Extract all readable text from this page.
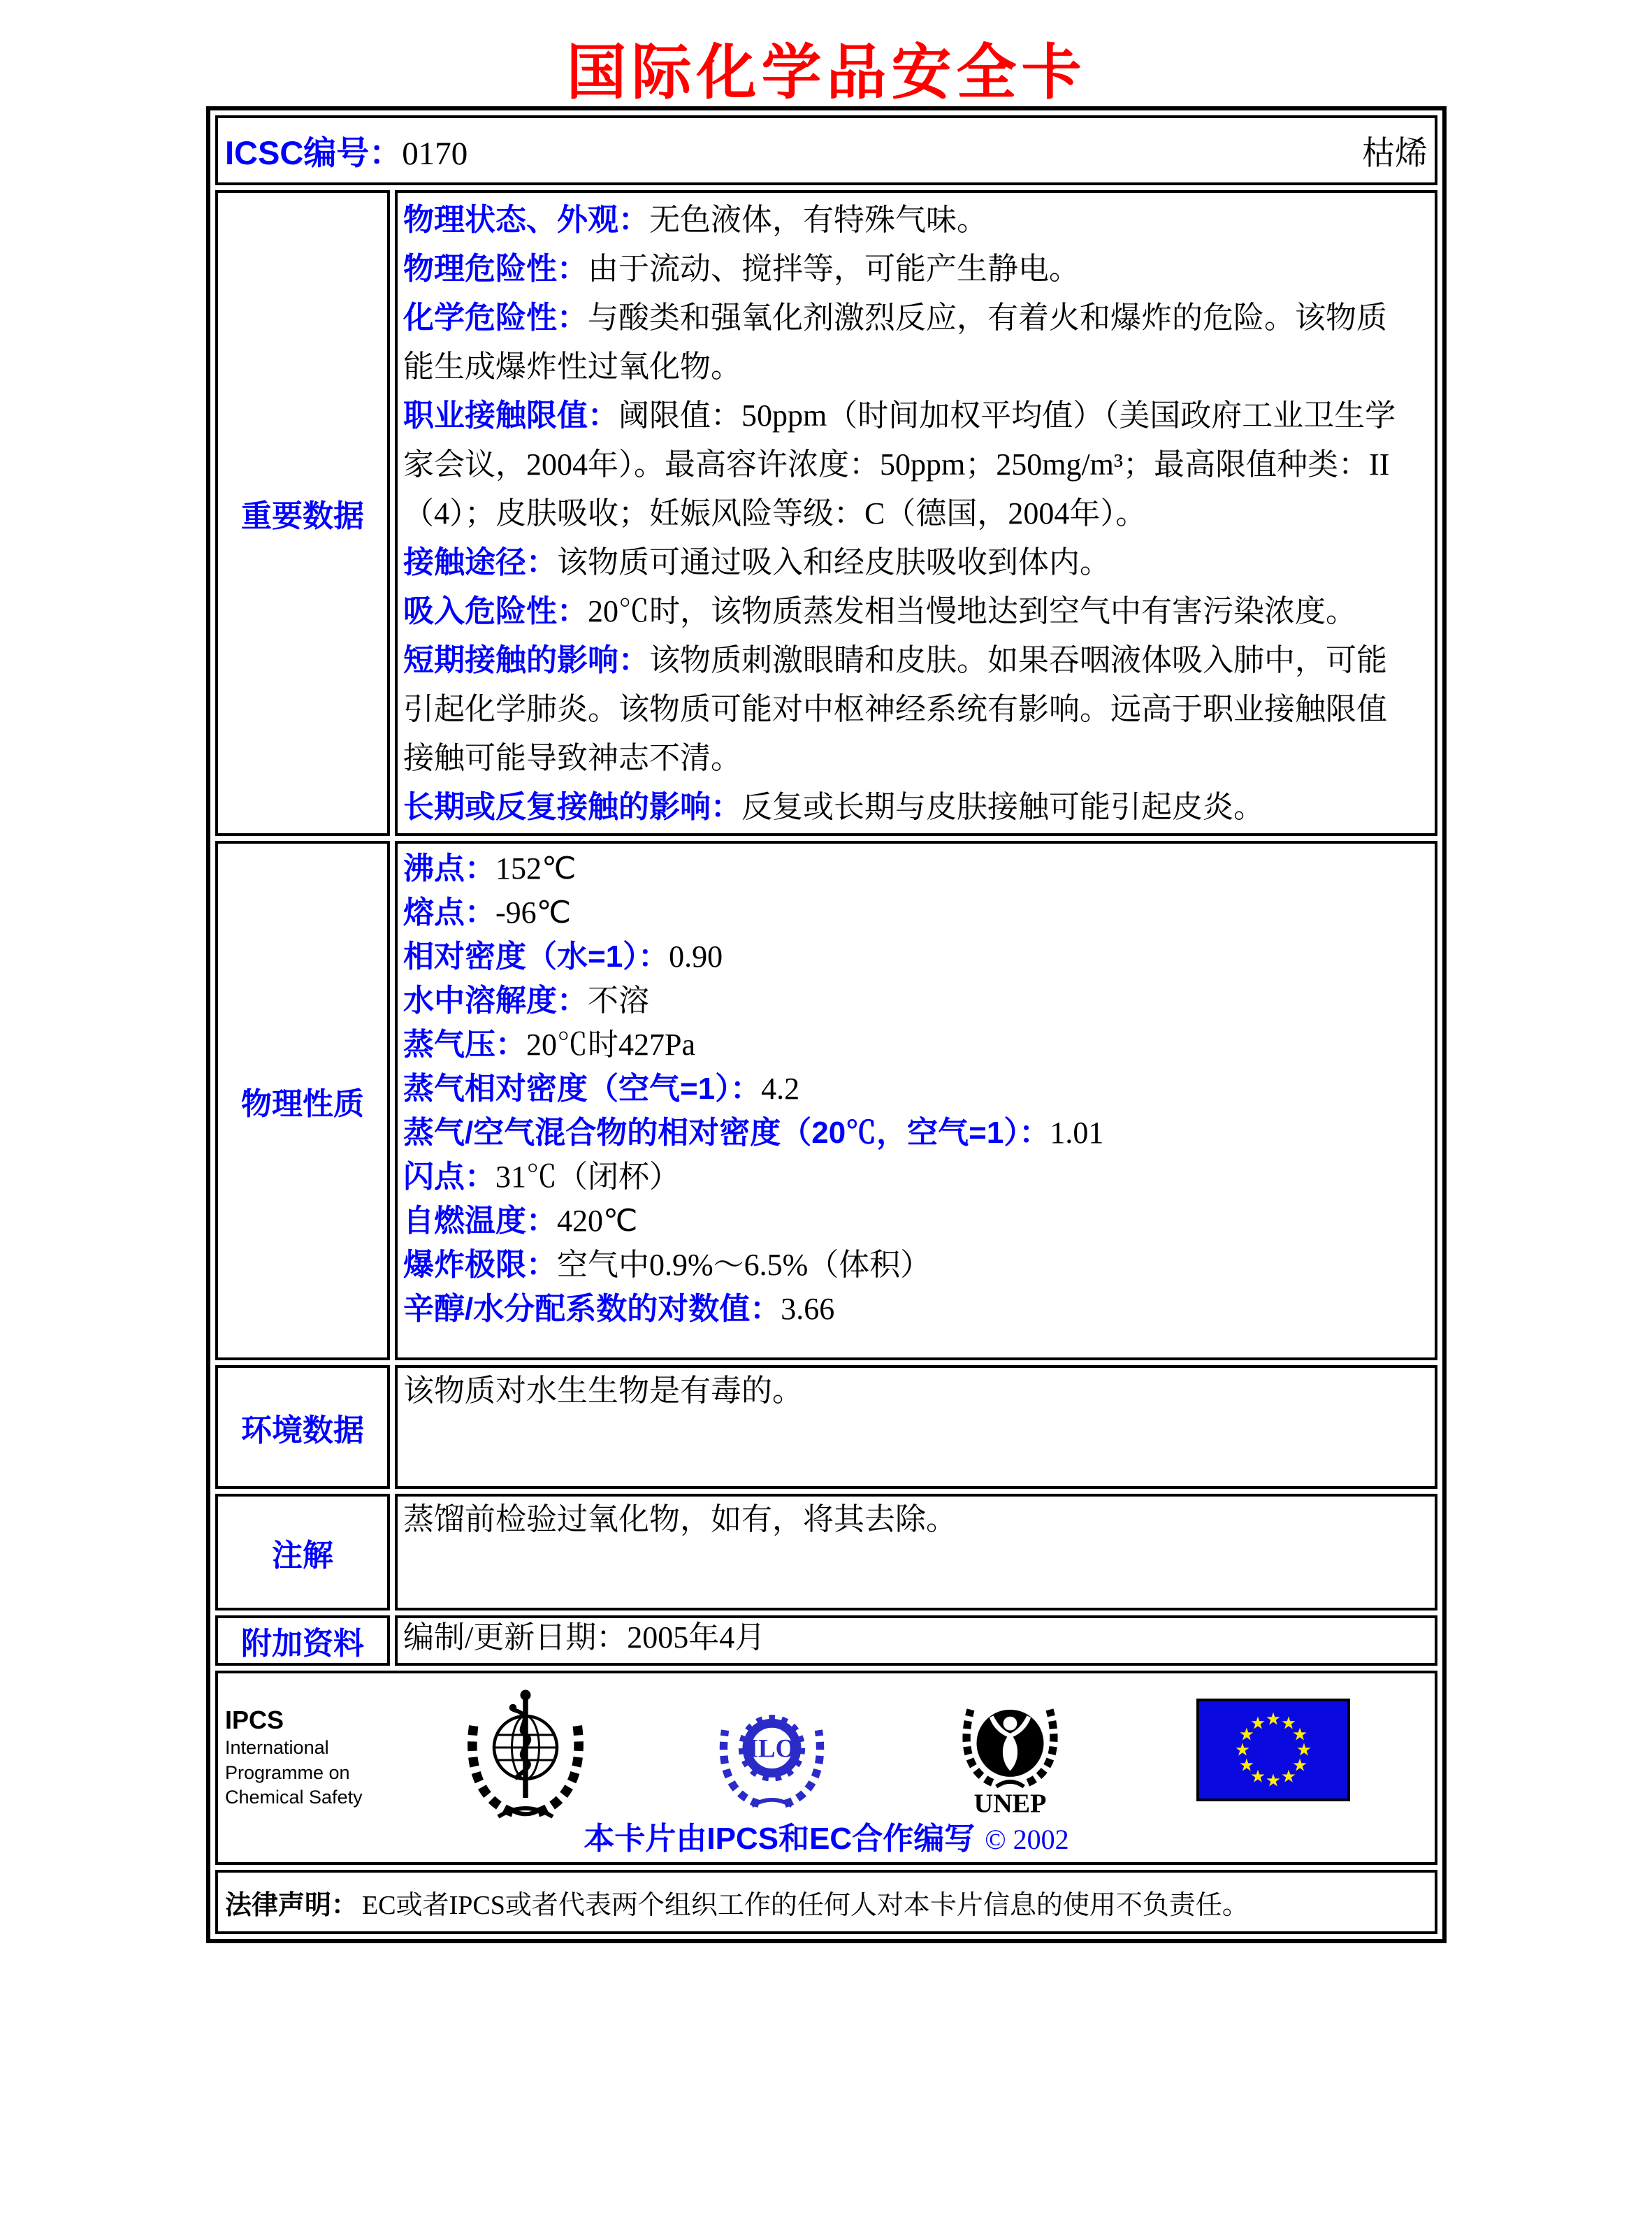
国际化学品安全卡
ICSC编号：0170 枯烯	

重要数据	
物理状态、外观：无色液体，有特殊气味。
物理危险性：由于流动、搅拌等，可能产生静电。
化学危险性：与酸类和强氧化剂激烈反应，有着火和爆炸的危险。该物质能生成爆炸性过氧化物。
职业接触限值：阈限值：50ppm（时间加权平均值）（美国政府工业卫生学家会议，2004年）。最高容许浓度：50ppm；250mg/m³；最高限值种类：II（4）；皮肤吸收；妊娠风险等级：C（德国，2004年）。
接触途径：该物质可通过吸入和经皮肤吸收到体内。
吸入危险性：20℃时，该物质蒸发相当慢地达到空气中有害污染浓度。
短期接触的影响：该物质刺激眼睛和皮肤。如果吞咽液体吸入肺中，可能引起化学肺炎。该物质可能对中枢神经系统有影响。远高于职业接触限值接触可能导致神志不清。
长期或反复接触的影响：反复或长期与皮肤接触可能引起皮炎。

物理性质	
沸点：152℃
熔点：-96℃
相对密度（水=1）：0.90
水中溶解度：不溶
蒸气压：20℃时427Pa
蒸气相对密度（空气=1）：4.2
蒸气/空气混合物的相对密度（20℃，空气=1）：1.01
闪点：31℃（闭杯）
自燃温度：420℃
爆炸极限：空气中0.9%～6.5%（体积）
辛醇/水分配系数的对数值：3.66

环境数据	该物质对水生生物是有毒的。

注解	蒸馏前检验过氧化物，如有，将其去除。

附加资料	编制/更新日期：2005年4月

IPCS
International
Programme on
Chemical Safety
ILO
UNEP
本卡片由IPCS和EC合作编写 © 2002

法律声明： EC或者IPCS或者代表两个组织工作的任何人对本卡片信息的使用不负责任。	
